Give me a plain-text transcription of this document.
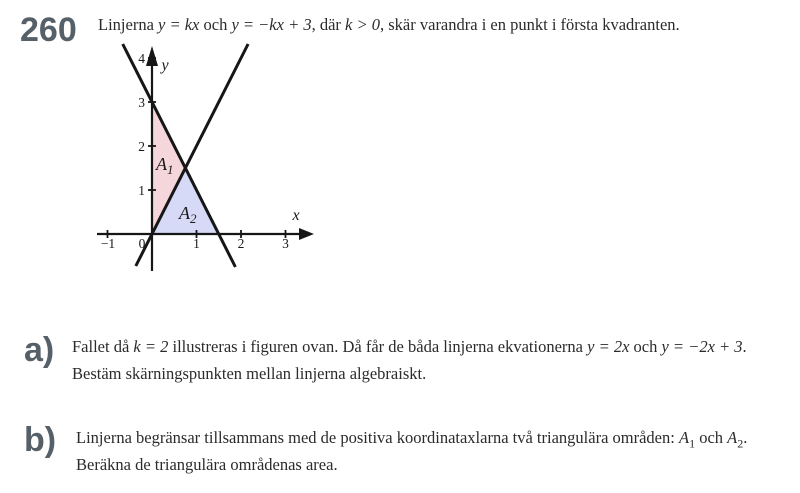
260 Linjerna y = kx och y = −kx + 3, där k > 0, skär varandra i en punkt i första kvadranten.
−1 0	1	2	3
1
2
3
4
x
y
$A_1$
$A_2$
a) Fallet då k = 2 illustreras i figuren ovan. Då får de båda linjerna ekvationerna y = 2x och y = −2x + 3.
Bestäm skärningspunkten mellan linjerna algebraiskt.
b) Linjerna begränsar tillsammans med de positiva koordinataxlarna två triangulära områden: $A_1$ och $A_2$.
Beräkna de triangulära områdenas area.
